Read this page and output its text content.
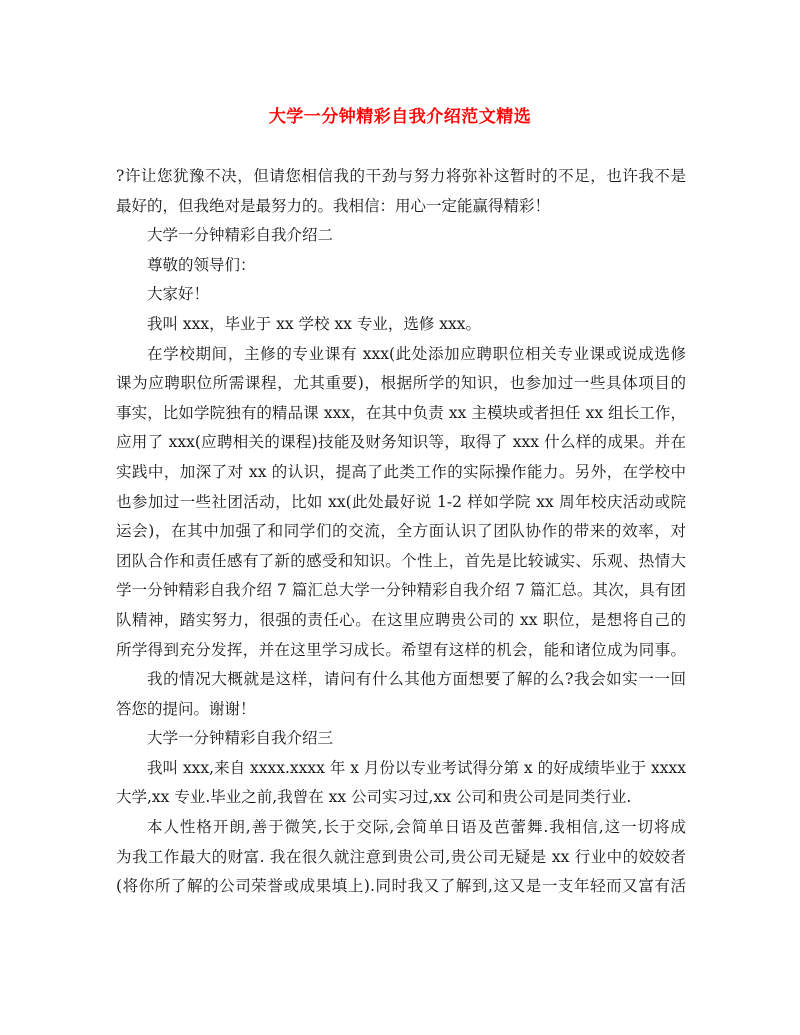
大学一分钟精彩自我介绍范文精选
?许让您犹豫不决，但请您相信我的干劲与努力将弥补这暂时的不足，也许我不是
最好的，但我绝对是最努力的。我相信：用心一定能赢得精彩！
大学一分钟精彩自我介绍二
尊敬的领导们：
大家好！
我叫 xxx，毕业于 xx 学校 xx 专业，选修 xxx。
在学校期间，主修的专业课有 xxx(此处添加应聘职位相关专业课或说成选修
课为应聘职位所需课程，尤其重要)，根据所学的知识，也参加过一些具体项目的
事实，比如学院独有的精品课 xxx，在其中负责 xx 主模块或者担任 xx 组长工作，
应用了 xxx(应聘相关的课程)技能及财务知识等，取得了 xxx 什么样的成果。并在
实践中，加深了对 xx 的认识，提高了此类工作的实际操作能力。另外，在学校中
也参加过一些社团活动，比如 xx(此处最好说 1-2 样如学院 xx 周年校庆活动或院
运会)，在其中加强了和同学们的交流，全方面认识了团队协作的带来的效率，对
团队合作和责任感有了新的感受和知识。个性上，首先是比较诚实、乐观、热情大
学一分钟精彩自我介绍 7 篇汇总大学一分钟精彩自我介绍 7 篇汇总。其次，具有团
队精神，踏实努力，很强的责任心。在这里应聘贵公司的 xx 职位，是想将自己的
所学得到充分发挥，并在这里学习成长。希望有这样的机会，能和诸位成为同事。
我的情况大概就是这样，请问有什么其他方面想要了解的么?我会如实一一回
答您的提问。谢谢！
大学一分钟精彩自我介绍三
我叫 xxx,来自 xxxx.xxxx 年 x 月份以专业考试得分第 x 的好成绩毕业于 xxxx
大学,xx 专业.毕业之前,我曾在 xx 公司实习过,xx 公司和贵公司是同类行业.
本人性格开朗,善于微笑,长于交际,会简单日语及芭蕾舞.我相信,这一切将成
为我工作最大的财富. 我在很久就注意到贵公司,贵公司无疑是 xx 行业中的姣姣者
(将你所了解的公司荣誉或成果填上).同时我又了解到,这又是一支年轻而又富有活
